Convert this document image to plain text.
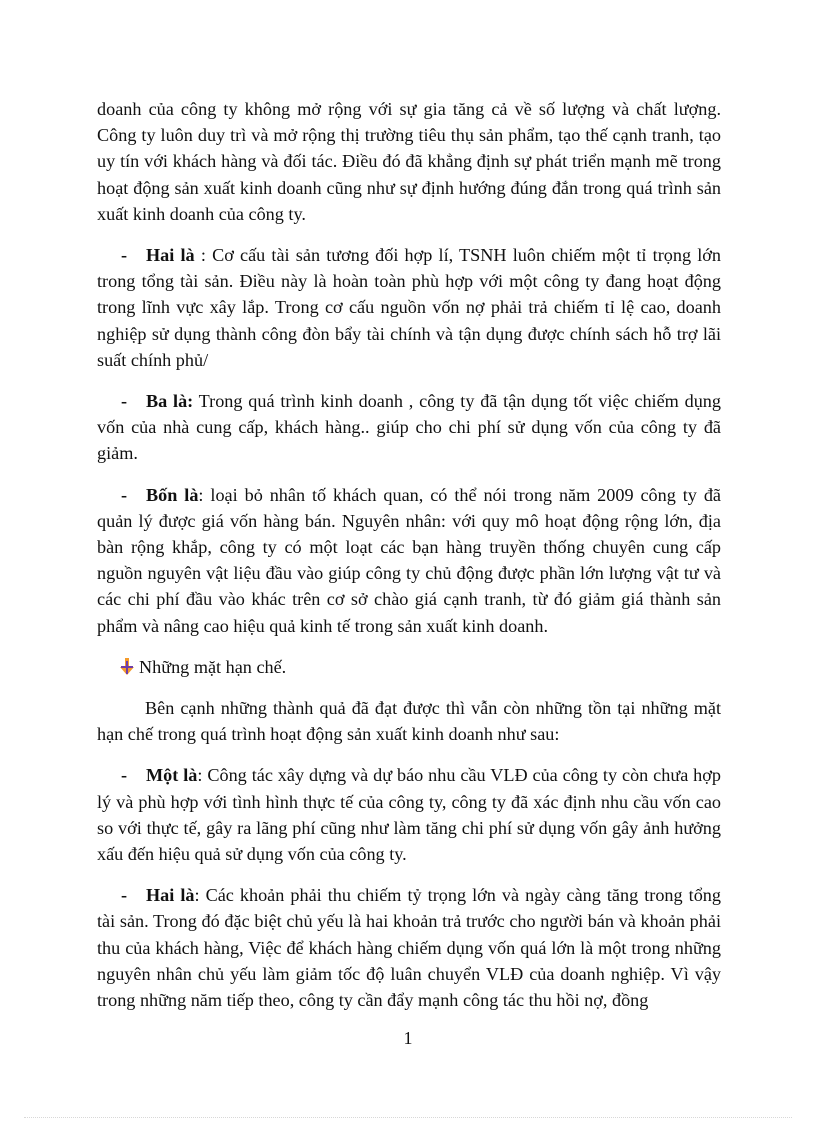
doanh của công ty không mở rộng với sự gia tăng cả về số lượng và chất lượng. Công ty luôn duy trì và mở rộng thị trường tiêu thụ sản phẩm, tạo thế cạnh tranh, tạo uy tín với khách hàng và đối tác. Điều đó đã khẳng định sự phát triển mạnh mẽ trong hoạt động sản xuất kinh doanh cũng như sự định hướng đúng đắn trong quá trình sản xuất kinh doanh của công ty.

- Hai là : Cơ cấu tài sản tương đối hợp lí, TSNH luôn chiếm một tỉ trọng lớn trong tổng tài sản. Điều này là hoàn toàn phù hợp với một công ty đang hoạt động trong lĩnh vực xây lắp. Trong cơ cấu nguồn vốn nợ phải trả chiếm tỉ lệ cao, doanh nghiệp sử dụng thành công đòn bẩy tài chính và tận dụng được chính sách hỗ trợ lãi suất chính phủ/

- Ba là: Trong quá trình kinh doanh , công ty đã tận dụng tốt việc chiếm dụng vốn của nhà cung cấp, khách hàng.. giúp cho chi phí sử dụng vốn của công ty đã giảm.

- Bốn là: loại bỏ nhân tố khách quan, có thể nói trong năm 2009 công ty đã quản lý được giá vốn hàng bán. Nguyên nhân: với quy mô hoạt động rộng lớn, địa bàn rộng khắp, công ty có một loạt các bạn hàng truyền thống chuyên cung cấp nguồn nguyên vật liệu đầu vào giúp công ty chủ động được phần lớn lượng vật tư và các chi phí đầu vào khác trên cơ sở chào giá cạnh tranh, từ đó giảm giá thành sản phẩm và nâng cao hiệu quả kinh tế trong sản xuất kinh doanh.

Những mặt hạn chế.

Bên cạnh những thành quả đã đạt được thì vẫn còn những tồn tại những mặt hạn chế trong quá trình hoạt động sản xuất kinh doanh như sau:

- Một là: Công tác xây dựng và dự báo nhu cầu VLĐ của công ty còn chưa hợp lý và phù hợp với tình hình thực tế của công ty, công ty đã xác định nhu cầu vốn cao so với thực tế, gây ra lãng phí cũng như làm tăng chi phí sử dụng vốn gây ảnh hưởng xấu đến hiệu quả sử dụng vốn của công ty.

- Hai là: Các khoản phải thu chiếm tỷ trọng lớn và ngày càng tăng trong tổng tài sản. Trong đó đặc biệt chủ yếu là hai khoản trả trước cho người bán và khoản phải thu của khách hàng, Việc để khách hàng chiếm dụng vốn quá lớn là một trong những nguyên nhân chủ yếu làm giảm tốc độ luân chuyển VLĐ của doanh nghiệp. Vì vậy trong những năm tiếp theo, công ty cần đẩy mạnh công tác thu hồi nợ, đồng

1
